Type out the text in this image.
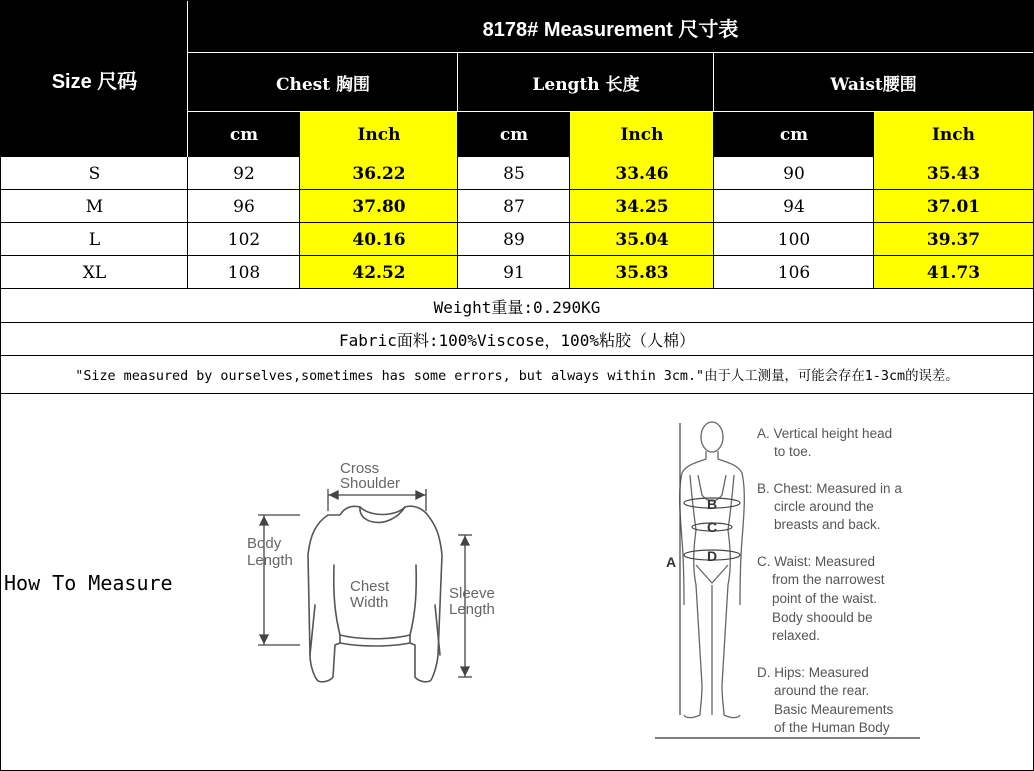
Size 尺码
8178# Measurement 尺寸表
Chest 胸围	Length 长度	Waist腰围
cm	Inch	cm	Inch	cm	Inch
S	92	36.22	85	33.46	90	35.43
M	96	37.80	87	34.25	94	37.01
L	102	40.16	89	35.04	100	39.37
XL	108	42.52	91	35.83	106	41.73
Weight重量:0.290KG
Fabric面料:100%Viscose，100%粘胶（人棉）
"Size measured by ourselves,sometimes has some errors, but always within 3cm."由于人工测量，可能会存在1-3cm的误差。
How To Measure
Cross
Shoulder
Body
Length
Chest
Width
Sleeve
Length
A
B
C
D
A. Vertical height head
to toe.
B. Chest: Measured in a
circle around the
breasts and back.
C. Waist: Measured
from the narrowest
point of the waist.
Body shoould be
relaxed.
D. Hips: Measured
around the rear.
Basic Meaurements
of the Human Body
